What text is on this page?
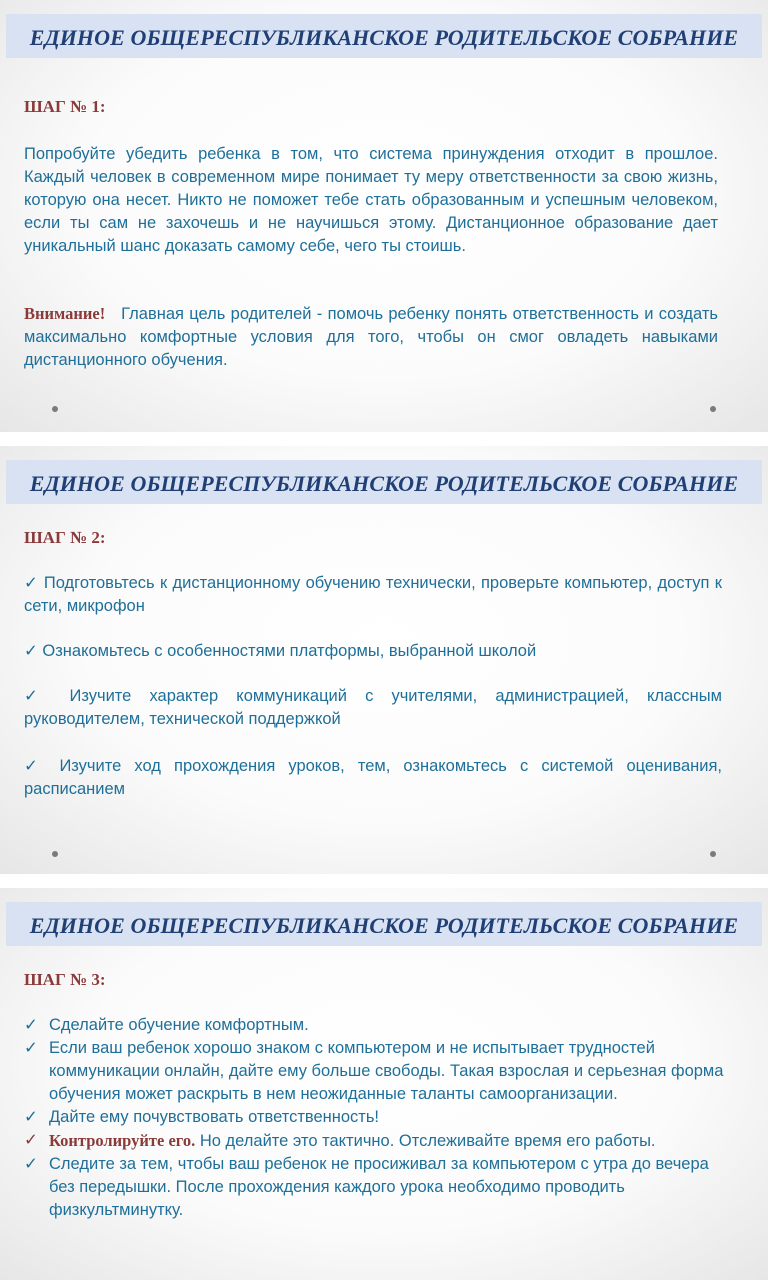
ЕДИНОЕ ОБЩЕРЕСПУБЛИКАНСКОЕ РОДИТЕЛЬСКОЕ СОБРАНИЕ
ШАГ № 1:
Попробуйте убедить ребенка в том, что система принуждения отходит в прошлое. Каждый человек в современном мире понимает ту меру ответственности за свою жизнь, которую она несет. Никто не поможет тебе стать образованным и успешным человеком, если ты сам не захочешь и не научишься этому. Дистанционное образование дает уникальный шанс доказать самому себе, чего ты стоишь.
Внимание! Главная цель родителей - помочь ребенку понять ответственность и создать максимально комфортные условия для того, чтобы он смог овладеть навыками дистанционного обучения.
ЕДИНОЕ ОБЩЕРЕСПУБЛИКАНСКОЕ РОДИТЕЛЬСКОЕ СОБРАНИЕ
ШАГ № 2:
✓ Подготовьтесь к дистанционному обучению технически, проверьте компьютер, доступ к сети, микрофон
✓ Ознакомьтесь с особенностями платформы, выбранной школой
✓ Изучите характер коммуникаций с учителями, администрацией, классным руководителем, технической поддержкой
✓ Изучите ход прохождения уроков, тем, ознакомьтесь с системой оценивания, расписанием
ЕДИНОЕ ОБЩЕРЕСПУБЛИКАНСКОЕ РОДИТЕЛЬСКОЕ СОБРАНИЕ
ШАГ № 3:
✓ Сделайте обучение комфортным.
✓ Если ваш ребенок хорошо знаком с компьютером и не испытывает трудностей коммуникации онлайн, дайте ему больше свободы. Такая взрослая и серьезная форма обучения может раскрыть в нем неожиданные таланты самоорганизации.
✓ Дайте ему почувствовать ответственность!
✓ Контролируйте его. Но делайте это тактично. Отслеживайте время его работы.
✓ Следите за тем, чтобы ваш ребенок не просиживал за компьютером с утра до вечера без передышки. После прохождения каждого урока необходимо проводить физкультминутку.
